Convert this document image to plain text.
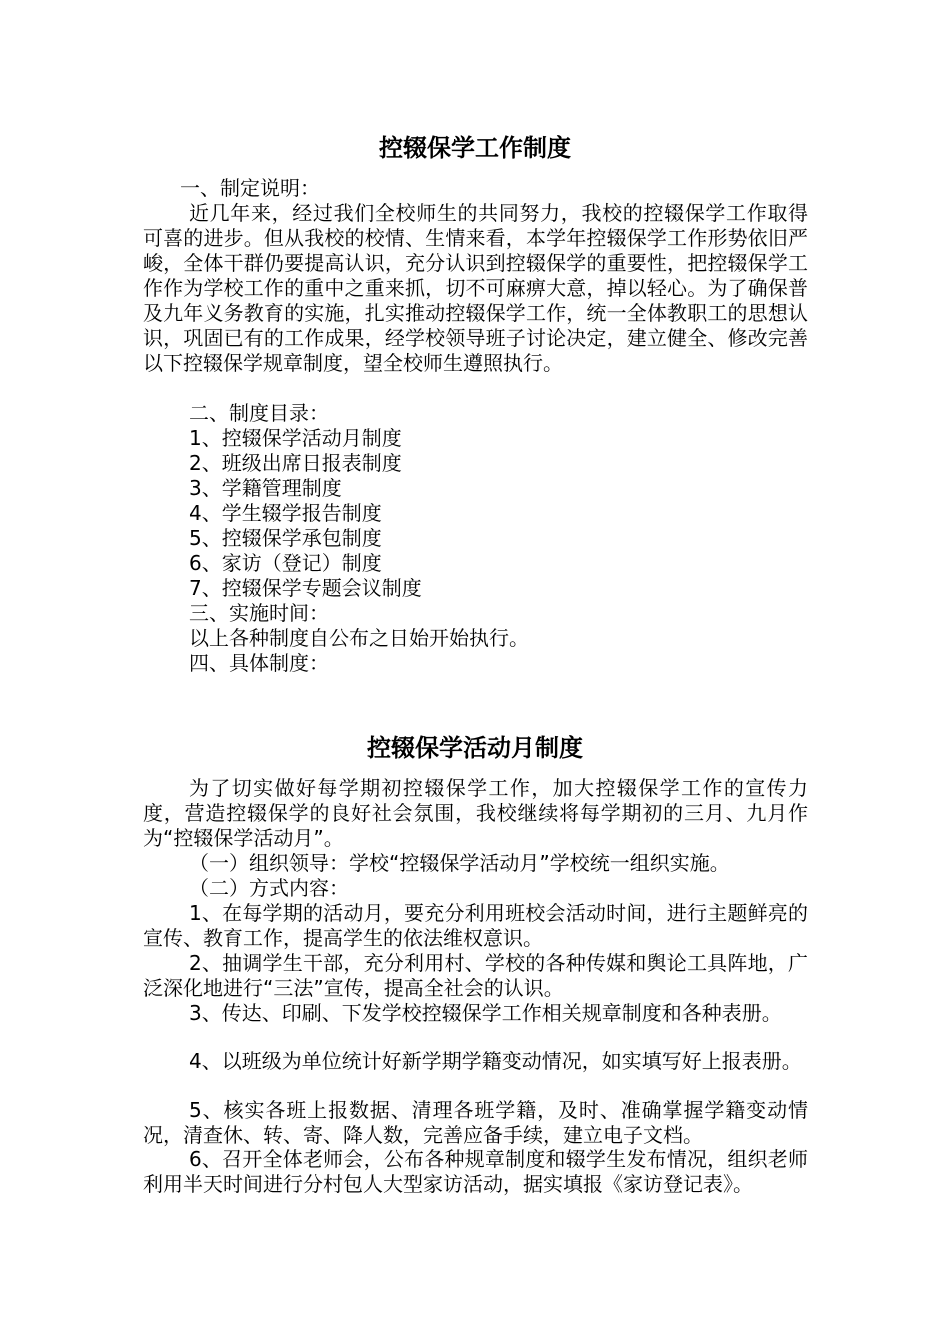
控辍保学工作制度

一、制定说明：

近几年来，经过我们全校师生的共同努力，我校的控辍保学工作取得可喜的进步。但从我校的校情、生情来看，本学年控辍保学工作形势依旧严峻，全体干群仍要提高认识，充分认识到控辍保学的重要性，把控辍保学工作作为学校工作的重中之重来抓，切不可麻痹大意，掉以轻心。为了确保普及九年义务教育的实施，扎实推动控辍保学工作，统一全体教职工的思想认识，巩固已有的工作成果，经学校领导班子讨论决定，建立健全、修改完善以下控辍保学规章制度，望全校师生遵照执行。

二、制度目录：

1、控辍保学活动月制度

2、班级出席日报表制度

3、学籍管理制度

4、学生辍学报告制度

5、控辍保学承包制度

6、家访（登记）制度

7、控辍保学专题会议制度

三、实施时间：

以上各种制度自公布之日始开始执行。

四、具体制度：

控辍保学活动月制度

为了切实做好每学期初控辍保学工作，加大控辍保学工作的宣传力度，营造控辍保学的良好社会氛围，我校继续将每学期初的三月、九月作为“控辍保学活动月”。

（一）组织领导：学校“控辍保学活动月”学校统一组织实施。

（二）方式内容：

1、在每学期的活动月，要充分利用班校会活动时间，进行主题鲜亮的宣传、教育工作，提高学生的依法维权意识。

2、抽调学生干部，充分利用村、学校的各种传媒和舆论工具阵地，广泛深化地进行“三法”宣传，提高全社会的认识。

3、传达、印刷、下发学校控辍保学工作相关规章制度和各种表册。

4、以班级为单位统计好新学期学籍变动情况，如实填写好上报表册。

5、核实各班上报数据、清理各班学籍，及时、准确掌握学籍变动情况，清查休、转、寄、降人数，完善应备手续，建立电子文档。

6、召开全体老师会，公布各种规章制度和辍学生发布情况，组织老师利用半天时间进行分村包人大型家访活动，据实填报《家访登记表》。
